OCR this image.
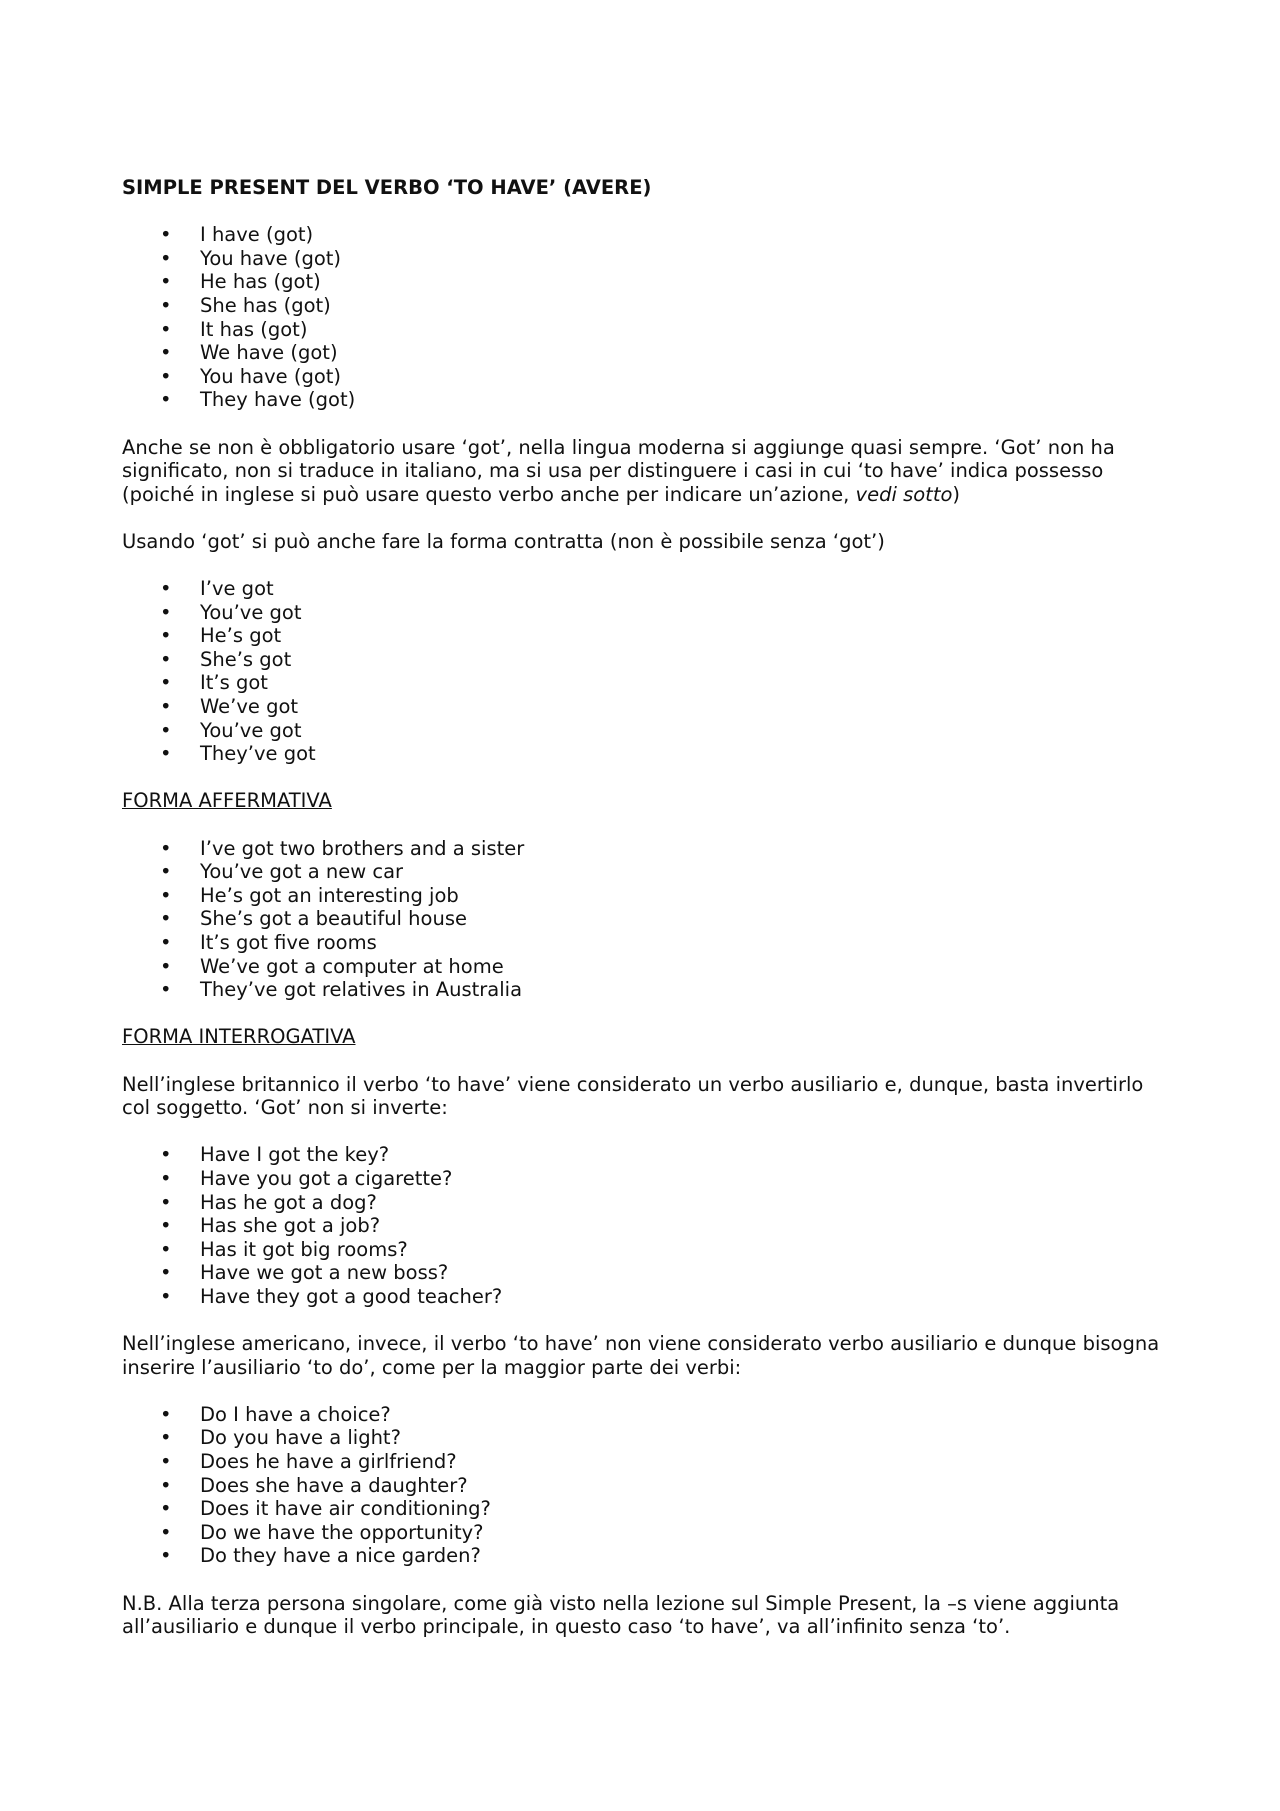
SIMPLE PRESENT DEL VERBO ‘TO HAVE’ (AVERE)
• I have (got)
• You have (got)
• He has (got)
• She has (got)
• It has (got)
• We have (got)
• You have (got)
• They have (got)

Anche se non è obbligatorio usare ‘got’, nella lingua moderna si aggiunge quasi sempre. ‘Got’ non ha significato, non si traduce in italiano, ma si usa per distinguere i casi in cui ‘to have’ indica possesso (poiché in inglese si può usare questo verbo anche per indicare un’azione, vedi sotto)

Usando ‘got’ si può anche fare la forma contratta (non è possibile senza ‘got’)

• I’ve got
• You’ve got
• He’s got
• She’s got
• It’s got
• We’ve got
• You’ve got
• They’ve got
FORMA AFFERMATIVA
• I’ve got two brothers and a sister
• You’ve got a new car
• He’s got an interesting job
• She’s got a beautiful house
• It’s got five rooms
• We’ve got a computer at home
• They’ve got relatives in Australia
FORMA INTERROGATIVA

Nell’inglese britannico il verbo ‘to have’ viene considerato un verbo ausiliario e, dunque, basta invertirlo col soggetto. ‘Got’ non si inverte:

• Have I got the key?
• Have you got a cigarette?
• Has he got a dog?
• Has she got a job?
• Has it got big rooms?
• Have we got a new boss?
• Have they got a good teacher?

Nell’inglese americano, invece, il verbo ‘to have’ non viene considerato verbo ausiliario e dunque bisogna inserire l’ausiliario ‘to do’, come per la maggior parte dei verbi:

• Do I have a choice?
• Do you have a light?
• Does he have a girlfriend?
• Does she have a daughter?
• Does it have air conditioning?
• Do we have the opportunity?
• Do they have a nice garden?

N.B. Alla terza persona singolare, come già visto nella lezione sul Simple Present, la –s viene aggiunta all’ausiliario e dunque il verbo principale, in questo caso ‘to have’, va all’infinito senza ‘to’.
